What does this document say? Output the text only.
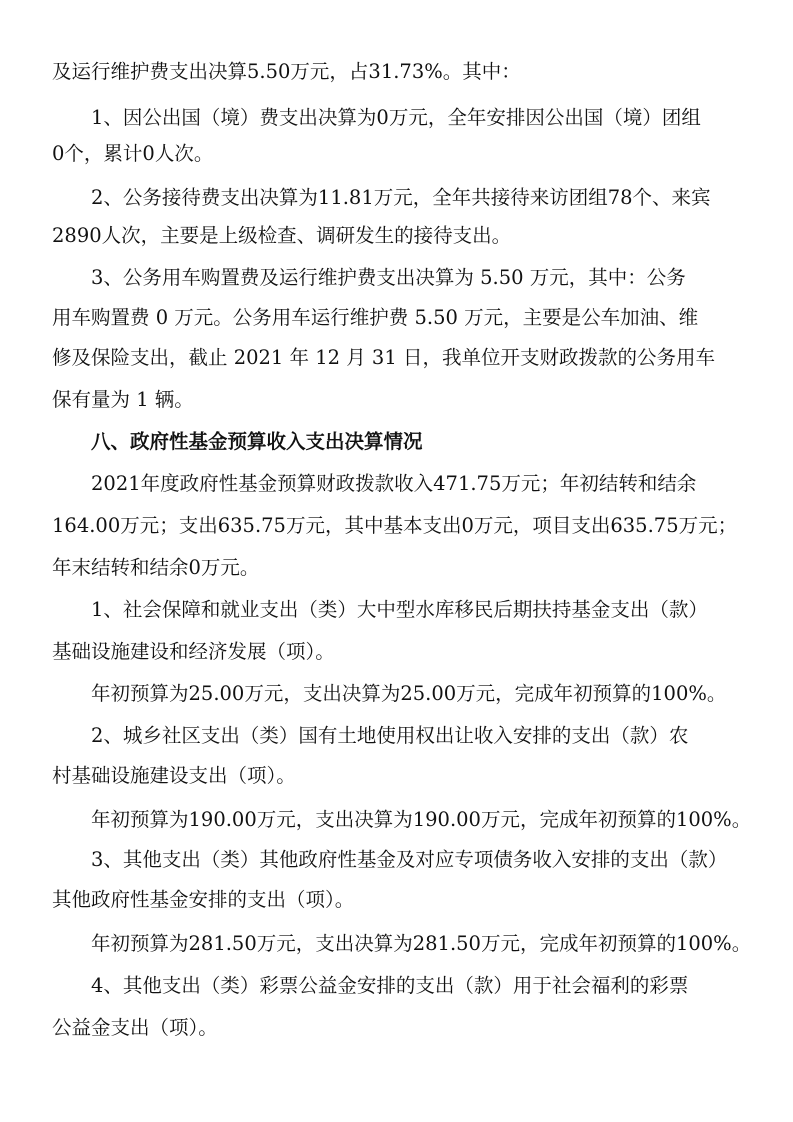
及运行维护费支出决算5.50万元，占31.73%。其中：
1、因公出国（境）费支出决算为0万元，全年安排因公出国（境）团组
0个，累计0人次。
2、公务接待费支出决算为11.81万元，全年共接待来访团组78个、来宾
2890人次，主要是上级检查、调研发生的接待支出。
3、公务用车购置费及运行维护费支出决算为 5.50 万元，其中：公务
用车购置费 0 万元。公务用车运行维护费 5.50 万元，主要是公车加油、维
修及保险支出，截止 2021 年 12 月 31 日，我单位开支财政拨款的公务用车
保有量为 1 辆。
八、政府性基金预算收入支出决算情况
2021年度政府性基金预算财政拨款收入471.75万元；年初结转和结余
164.00万元；支出635.75万元，其中基本支出0万元，项目支出635.75万元；
年末结转和结余0万元。
1、社会保障和就业支出（类）大中型水库移民后期扶持基金支出（款）
基础设施建设和经济发展（项）。
年初预算为25.00万元，支出决算为25.00万元，完成年初预算的100%。
2、城乡社区支出（类）国有土地使用权出让收入安排的支出（款）农
村基础设施建设支出（项）。
年初预算为190.00万元，支出决算为190.00万元，完成年初预算的100%。
3、其他支出（类）其他政府性基金及对应专项债务收入安排的支出（款）
其他政府性基金安排的支出（项）。
年初预算为281.50万元，支出决算为281.50万元，完成年初预算的100%。
4、其他支出（类）彩票公益金安排的支出（款）用于社会福利的彩票
公益金支出（项）。
